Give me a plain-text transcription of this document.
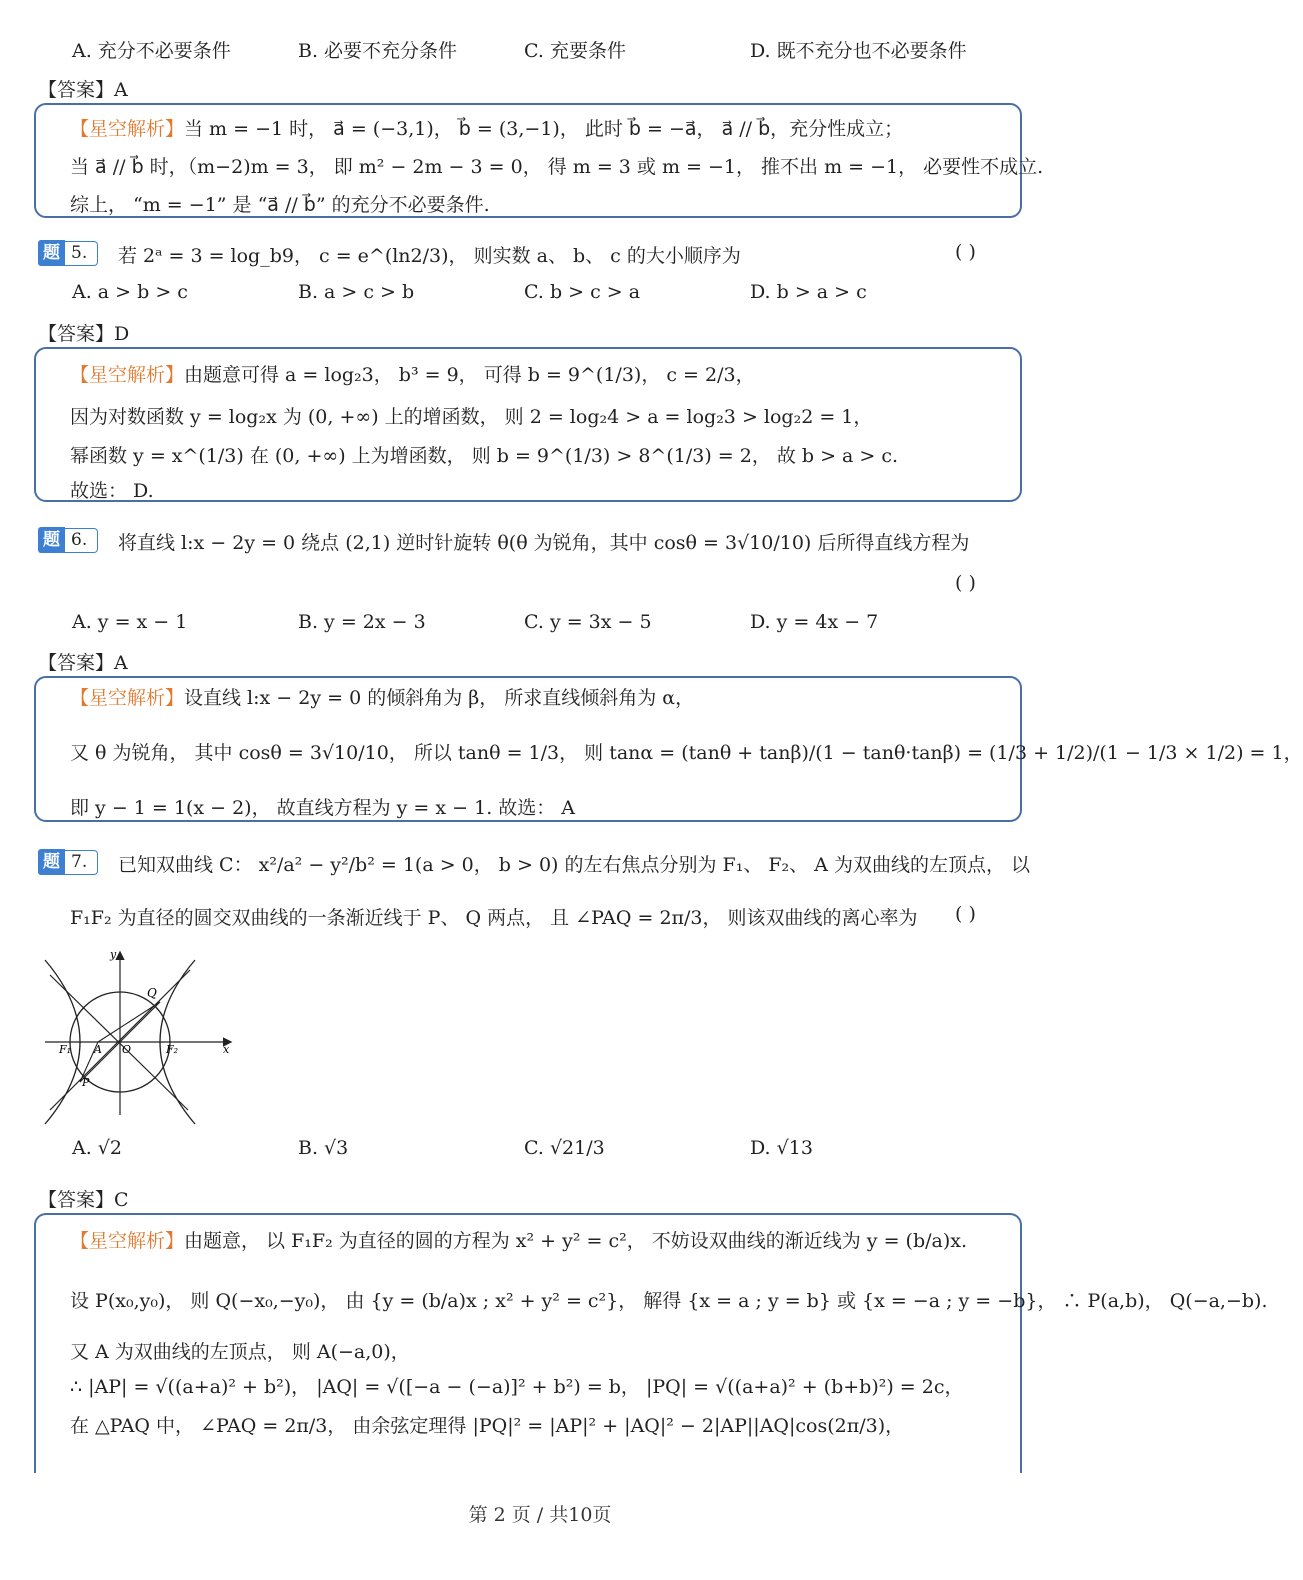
A. 充分不必要条件	B. 必要不充分条件	C. 充要条件	D. 既不充分也不必要条件
【答案】A
【星空解析】当 m = −1 时， a⃗ = (−3,1)， b⃗ = (3,−1)， 此时 b⃗ = −a⃗， a⃗ // b⃗，充分性成立；
当 a⃗ // b⃗ 时，（m−2)m = 3， 即 m² − 2m − 3 = 0， 得 m = 3 或 m = −1， 推不出 m = −1， 必要性不成立.
综上， “m = −1” 是 “a⃗ // b⃗” 的充分不必要条件.
题 5.	若 2ᵃ = 3 = log_b9， c = e^(ln2/3)， 则实数 a、 b、 c 的大小顺序为	( )
A. a > b > c	B. a > c > b	C. b > c > a	D. b > a > c
【答案】D
【星空解析】由题意可得 a = log₂3， b³ = 9， 可得 b = 9^(1/3)， c = 2/3，
因为对数函数 y = log₂x 为 (0, +∞) 上的增函数， 则 2 = log₂4 > a = log₂3 > log₂2 = 1，
幂函数 y = x^(1/3) 在 (0, +∞) 上为增函数， 则 b = 9^(1/3) > 8^(1/3) = 2， 故 b > a > c.
故选： D.
题 6.	将直线 l:x − 2y = 0 绕点 (2,1) 逆时针旋转 θ(θ 为锐角，其中 cosθ = 3√10/10) 后所得直线方程为
( )
A. y = x − 1	B. y = 2x − 3	C. y = 3x − 5	D. y = 4x − 7
【答案】A
【星空解析】设直线 l:x − 2y = 0 的倾斜角为 β， 所求直线倾斜角为 α，
又 θ 为锐角， 其中 cosθ = 3√10/10， 所以 tanθ = 1/3， 则 tanα = (tanθ + tanβ)/(1 − tanθ·tanβ) = (1/3 + 1/2)/(1 − 1/3 × 1/2) = 1，
即 y − 1 = 1(x − 2)， 故直线方程为 y = x − 1. 故选： A
题 7.	已知双曲线 C： x²/a² − y²/b² = 1(a > 0， b > 0) 的左右焦点分别为 F₁、 F₂、 A 为双曲线的左顶点， 以
F₁F₂ 为直径的圆交双曲线的一条渐近线于 P、 Q 两点， 且 ∠PAQ = 2π/3， 则该双曲线的离心率为 ( )
y
x
Q
F₁ A O	F₂
P
A. √2	B. √3	C. √21/3	D. √13
【答案】C
【星空解析】由题意， 以 F₁F₂ 为直径的圆的方程为 x² + y² = c²， 不妨设双曲线的渐近线为 y = (b/a)x.
设 P(x₀,y₀)， 则 Q(−x₀,−y₀)， 由 {y = (b/a)x ; x² + y² = c²}， 解得 {x = a ; y = b} 或 {x = −a ; y = −b}， ∴ P(a,b)， Q(−a,−b).
又 A 为双曲线的左顶点， 则 A(−a,0)，
∴ |AP| = √((a+a)² + b²)， |AQ| = √([−a − (−a)]² + b²) = b， |PQ| = √((a+a)² + (b+b)²) = 2c，
在 △PAQ 中， ∠PAQ = 2π/3， 由余弦定理得 |PQ|² = |AP|² + |AQ|² − 2|AP||AQ|cos(2π/3)，
第 2 页 / 共10页
